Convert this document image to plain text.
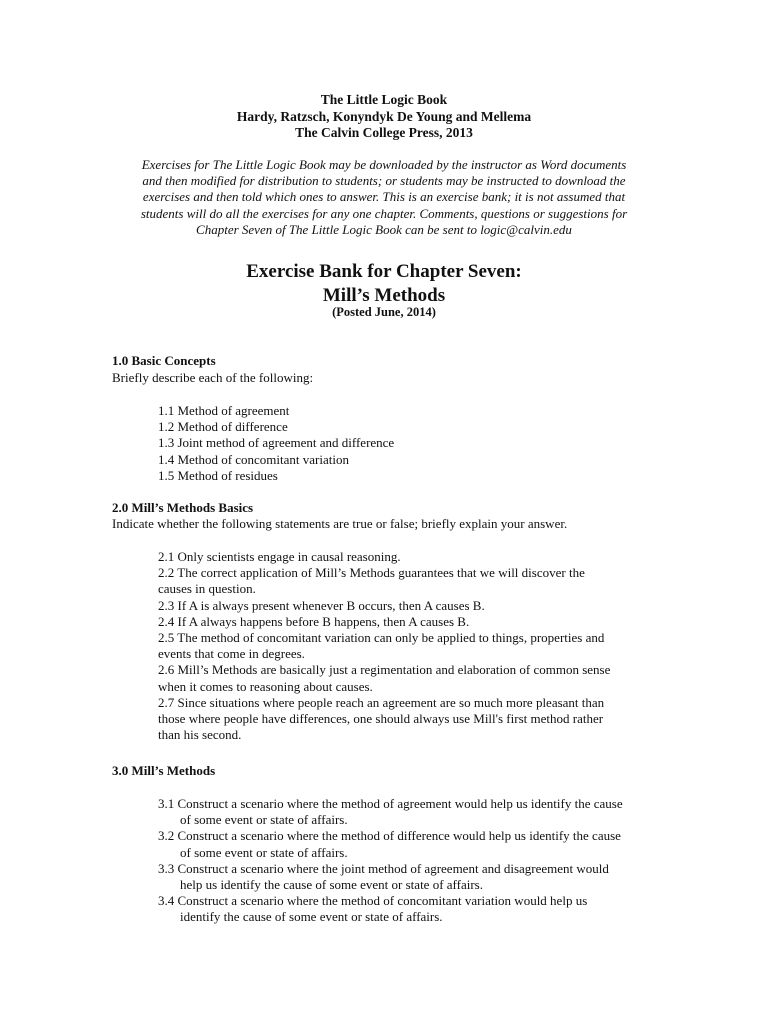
The Little Logic Book
Hardy, Ratzsch, Konyndyk De Young and Mellema
The Calvin College Press, 2013
Exercises for The Little Logic Book may be downloaded by the instructor as Word documents
and then modified for distribution to students; or students may be instructed to download the
exercises and then told which ones to answer. This is an exercise bank; it is not assumed that
students will do all the exercises for any one chapter. Comments, questions or suggestions for
Chapter Seven of The Little Logic Book can be sent to logic@calvin.edu
Exercise Bank for Chapter Seven:
Mill’s Methods
(Posted June, 2014)
1.0 Basic Concepts
Briefly describe each of the following:
1.1 Method of agreement
1.2 Method of difference
1.3 Joint method of agreement and difference
1.4 Method of concomitant variation
1.5 Method of residues
2.0 Mill’s Methods Basics
Indicate whether the following statements are true or false; briefly explain your answer.
2.1 Only scientists engage in causal reasoning.
2.2 The correct application of Mill’s Methods guarantees that we will discover the
causes in question.
2.3 If A is always present whenever B occurs, then A causes B.
2.4 If A always happens before B happens, then A causes B.
2.5 The method of concomitant variation can only be applied to things, properties and
events that come in degrees.
2.6 Mill’s Methods are basically just a regimentation and elaboration of common sense
when it comes to reasoning about causes.
2.7 Since situations where people reach an agreement are so much more pleasant than
those where people have differences, one should always use Mill's first method rather
than his second.
3.0 Mill’s Methods
3.1 Construct a scenario where the method of agreement would help us identify the cause
of some event or state of affairs.
3.2 Construct a scenario where the method of difference would help us identify the cause
of some event or state of affairs.
3.3 Construct a scenario where the joint method of agreement and disagreement would
help us identify the cause of some event or state of affairs.
3.4 Construct a scenario where the method of concomitant variation would help us
identify the cause of some event or state of affairs.
